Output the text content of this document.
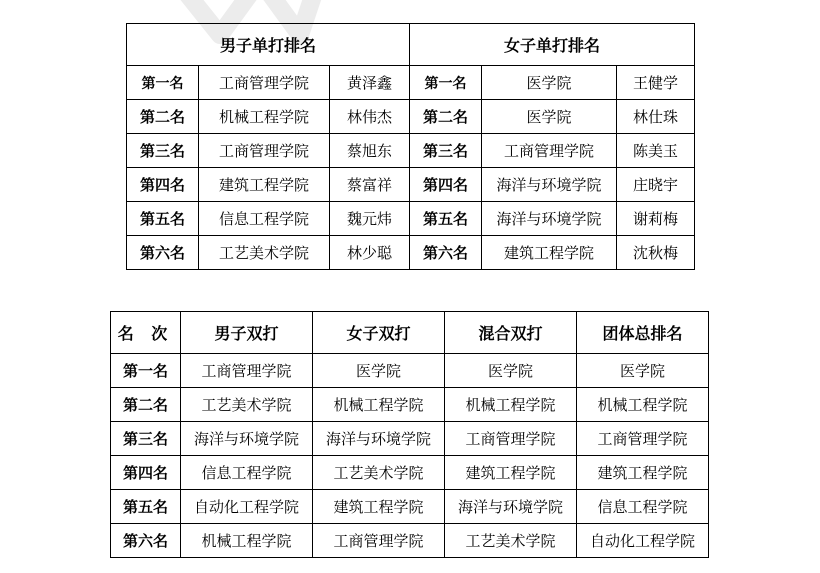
男子单打排名			女子单打排名		
第一名	工商管理学院	黄泽鑫	第一名	医学院	王健学
第二名	机械工程学院	林伟杰	第二名	医学院	林仕珠
第三名	工商管理学院	蔡旭东	第三名	工商管理学院	陈美玉
第四名	建筑工程学院	蔡富祥	第四名	海洋与环境学院	庄晓宇
第五名	信息工程学院	魏元炜	第五名	海洋与环境学院	谢莉梅
第六名	工艺美术学院	林少聪	第六名	建筑工程学院	沈秋梅
名 次	男子双打	女子双打	混合双打	团体总排名
第一名	工商管理学院	医学院	医学院	医学院
第二名	工艺美术学院	机械工程学院	机械工程学院	机械工程学院
第三名	海洋与环境学院	海洋与环境学院	工商管理学院	工商管理学院
第四名	信息工程学院	工艺美术学院	建筑工程学院	建筑工程学院
第五名	自动化工程学院	建筑工程学院	海洋与环境学院	信息工程学院
第六名	机械工程学院	工商管理学院	工艺美术学院	自动化工程学院
